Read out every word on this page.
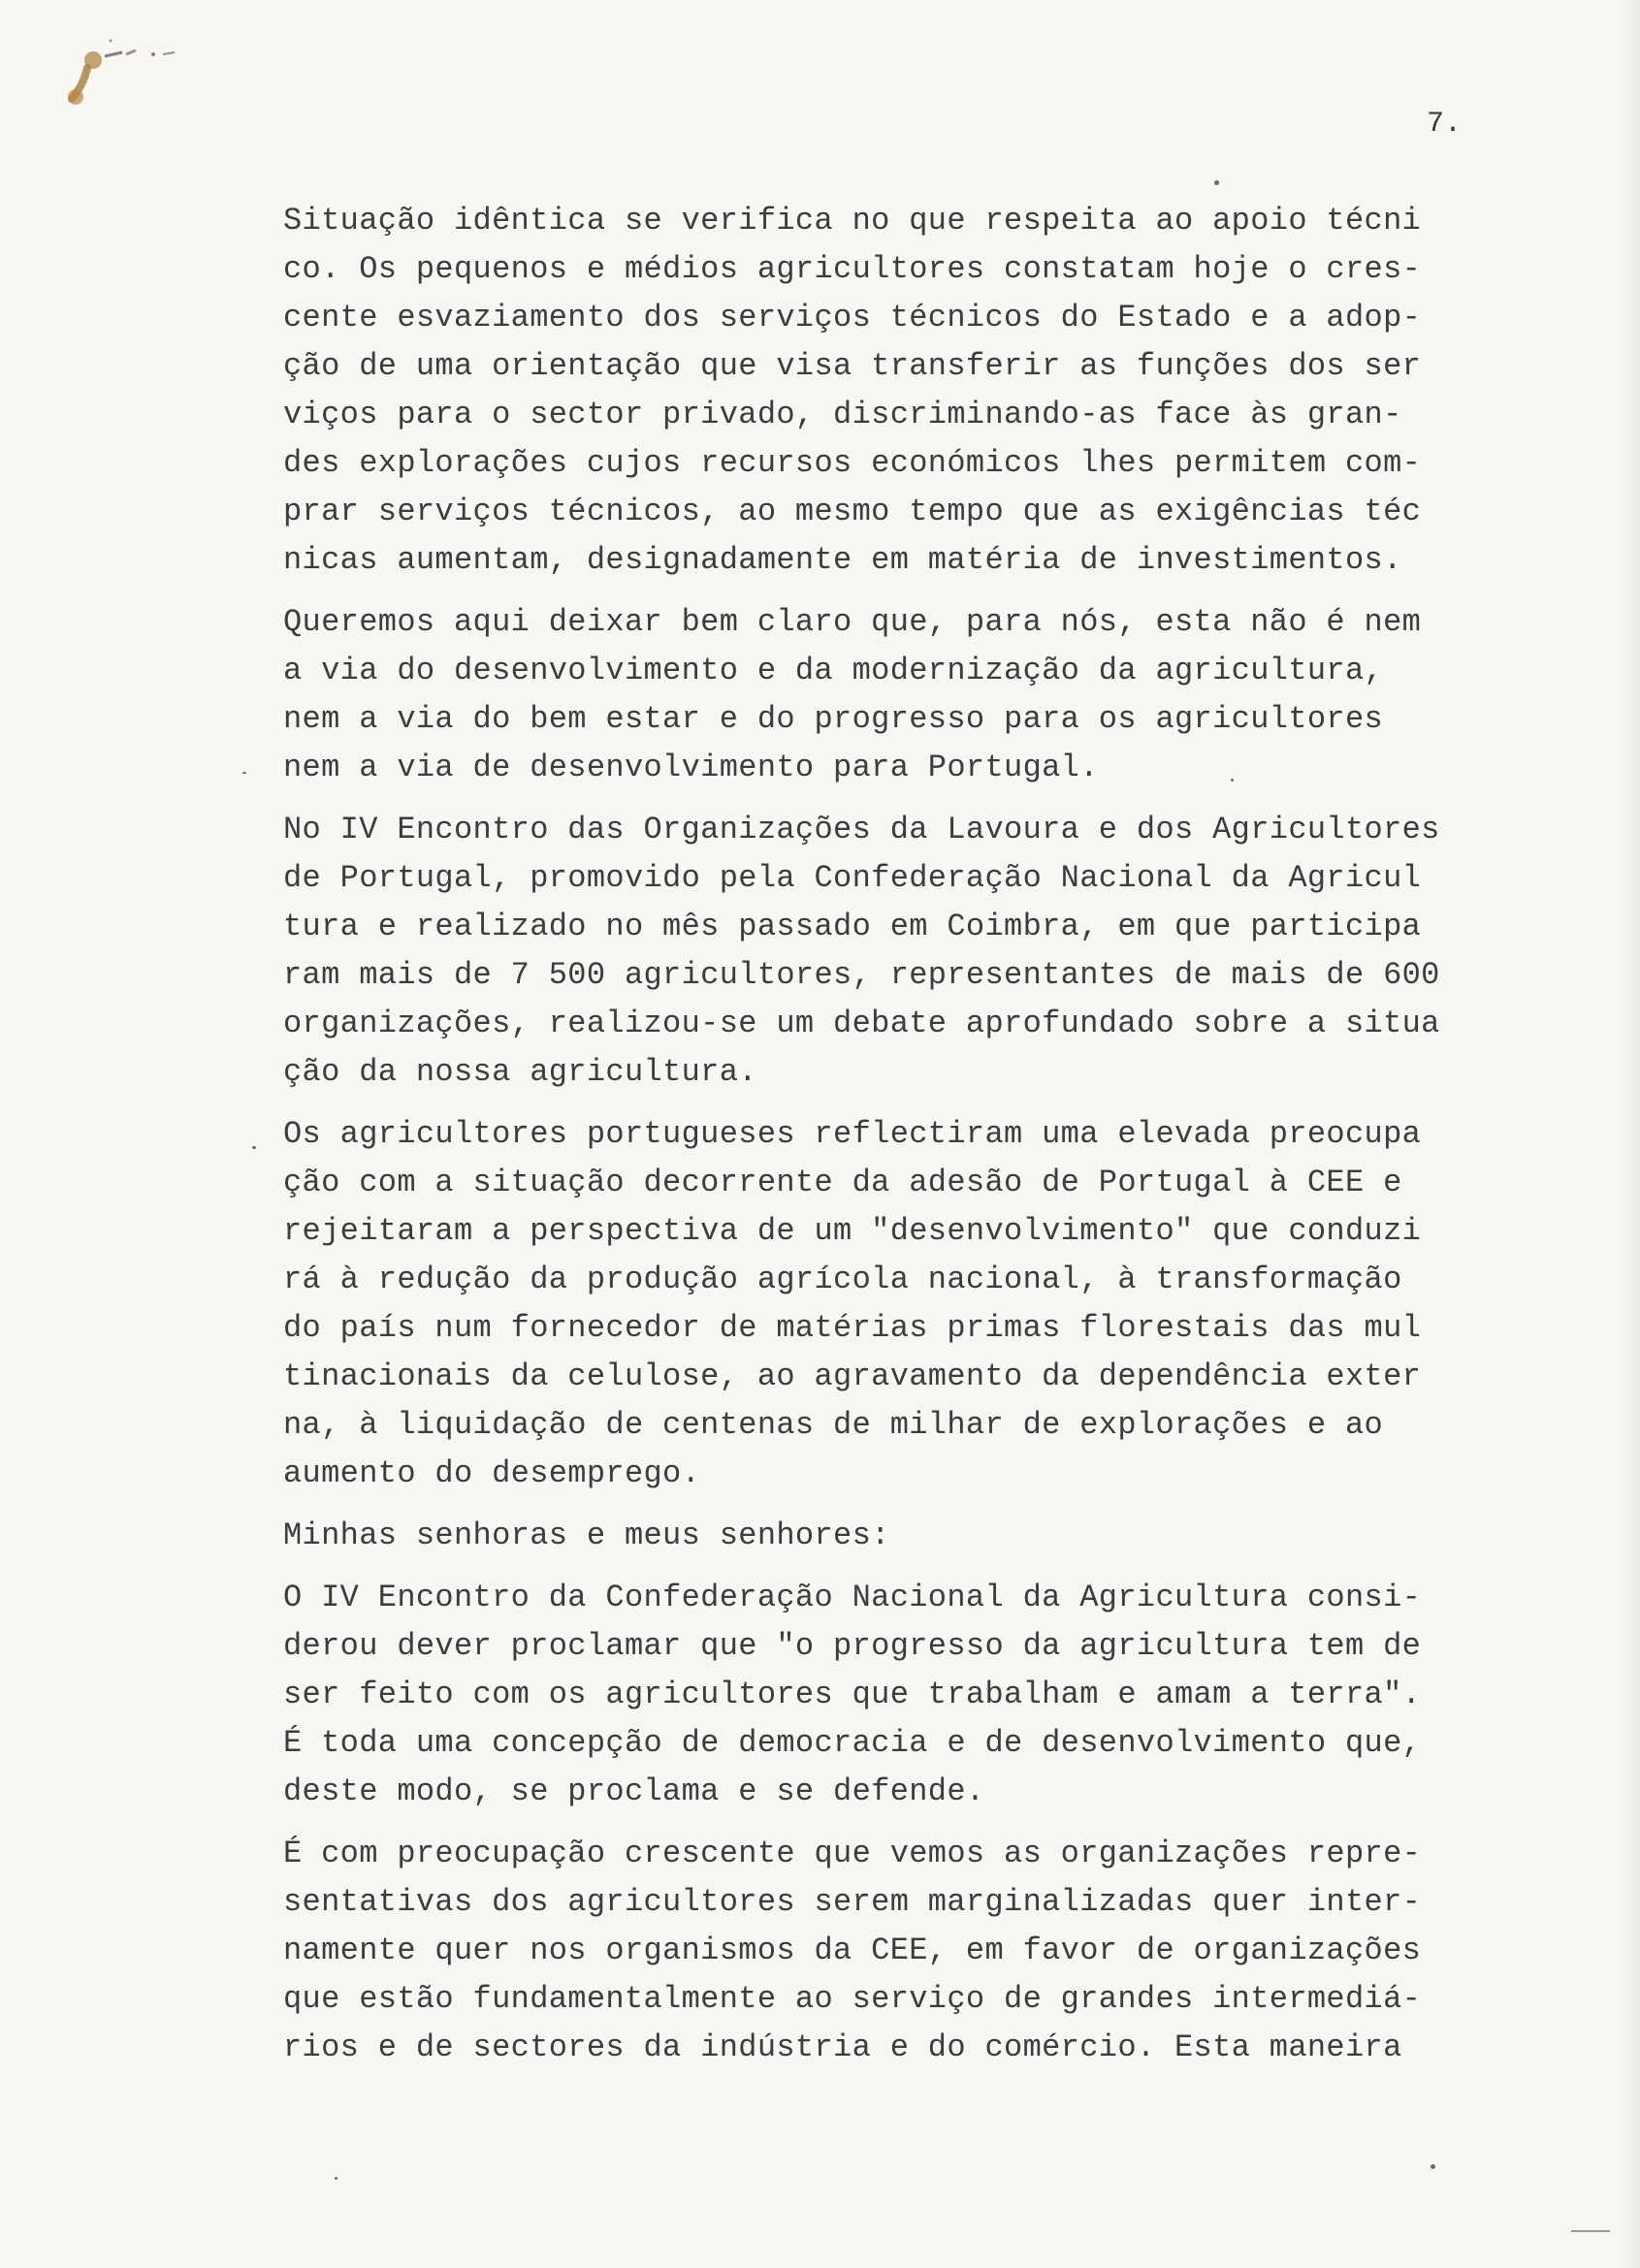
7.
Situação idêntica se verifica no que respeita ao apoio técni
co. Os pequenos e médios agricultores constatam hoje o cres-
cente esvaziamento dos serviços técnicos do Estado e a adop-
ção de uma orientação que visa transferir as funções dos ser
viços para o sector privado, discriminando-as face às gran-
des explorações cujos recursos económicos lhes permitem com-
prar serviços técnicos, ao mesmo tempo que as exigências téc
nicas aumentam, designadamente em matéria de investimentos.
Queremos aqui deixar bem claro que, para nós, esta não é nem
a via do desenvolvimento e da modernização da agricultura,
nem a via do bem estar e do progresso para os agricultores
nem a via de desenvolvimento para Portugal.
No IV Encontro das Organizações da Lavoura e dos Agricultores
de Portugal, promovido pela Confederação Nacional da Agricul
tura e realizado no mês passado em Coimbra, em que participa
ram mais de 7 500 agricultores, representantes de mais de 600
organizações, realizou-se um debate aprofundado sobre a situa
ção da nossa agricultura.
Os agricultores portugueses reflectiram uma elevada preocupa
ção com a situação decorrente da adesão de Portugal à CEE e
rejeitaram a perspectiva de um "desenvolvimento" que conduzi
rá à redução da produção agrícola nacional, à transformação
do país num fornecedor de matérias primas florestais das mul
tinacionais da celulose, ao agravamento da dependência exter
na, à liquidação de centenas de milhar de explorações e ao
aumento do desemprego.
Minhas senhoras e meus senhores:
O IV Encontro da Confederação Nacional da Agricultura consi-
derou dever proclamar que "o progresso da agricultura tem de
ser feito com os agricultores que trabalham e amam a terra".
É toda uma concepção de democracia e de desenvolvimento que,
deste modo, se proclama e se defende.
É com preocupação crescente que vemos as organizações repre-
sentativas dos agricultores serem marginalizadas quer inter-
namente quer nos organismos da CEE, em favor de organizações
que estão fundamentalmente ao serviço de grandes intermediá-
rios e de sectores da indústria e do comércio. Esta maneira
